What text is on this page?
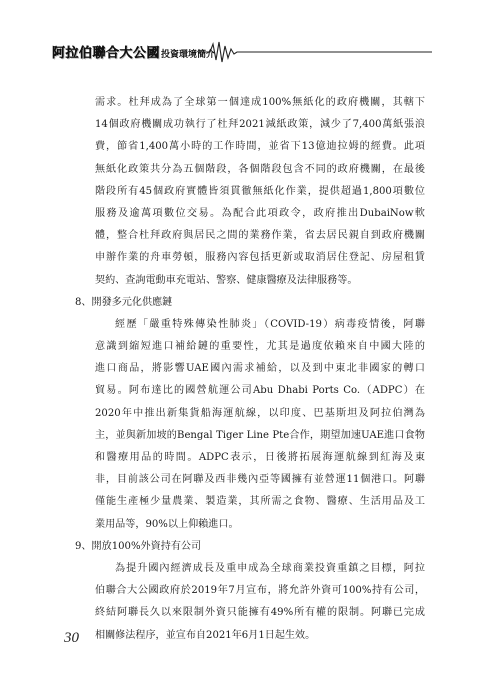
阿拉伯聯合大公國 投資環境簡介
需求。杜拜成為了全球第一個達成100%無紙化的政府機關，其轄下
14個政府機關成功執行了杜拜2021減紙政策，減少了7,400萬紙張浪
費，節省1,400萬小時的工作時間，並省下13億迪拉姆的經費。此項
無紙化政策共分為五個階段，各個階段包含不同的政府機關，在最後
階段所有45個政府實體皆須貫徹無紙化作業，提供超過1,800項數位
服務及逾萬項數位交易。為配合此項政令，政府推出DubaiNow軟
體，整合杜拜政府與居民之間的業務作業，省去居民親自到政府機關
申辦作業的舟車勞頓，服務內容包括更新或取消居住登記、房屋租賃
契約、查詢電動車充電站、警察、健康醫療及法律服務等。
8、開發多元化供應鏈
經歷「嚴重特殊傳染性肺炎」（COVID-19）病毒疫情後，阿聯
意識到縮短進口補給鏈的重要性，尤其是過度依賴來自中國大陸的
進口商品，將影響UAE國內需求補給，以及到中東北非國家的轉口
貿易。阿布達比的國營航運公司Abu Dhabi Ports Co.（ADPC）在
2020年中推出新集貨船海運航線，以印度、巴基斯坦及阿拉伯灣為
主，並與新加坡的Bengal Tiger Line Pte合作，期望加速UAE進口食物
和醫療用品的時間。ADPC表示，日後將拓展海運航線到紅海及東
非，目前該公司在阿聯及西非幾內亞等國擁有並營運11個港口。阿聯
僅能生產極少量農業、製造業，其所需之食物、醫療、生活用品及工
業用品等，90%以上仰賴進口。
9、開放100%外資持有公司
為提升國內經濟成長及重申成為全球商業投資重鎮之目標，阿拉
伯聯合大公國政府於2019年7月宣布，將允許外資可100%持有公司，
終結阿聯長久以來限制外資只能擁有49%所有權的限制。阿聯已完成
相關修法程序，並宣布自2021年6月1日起生效。
30
